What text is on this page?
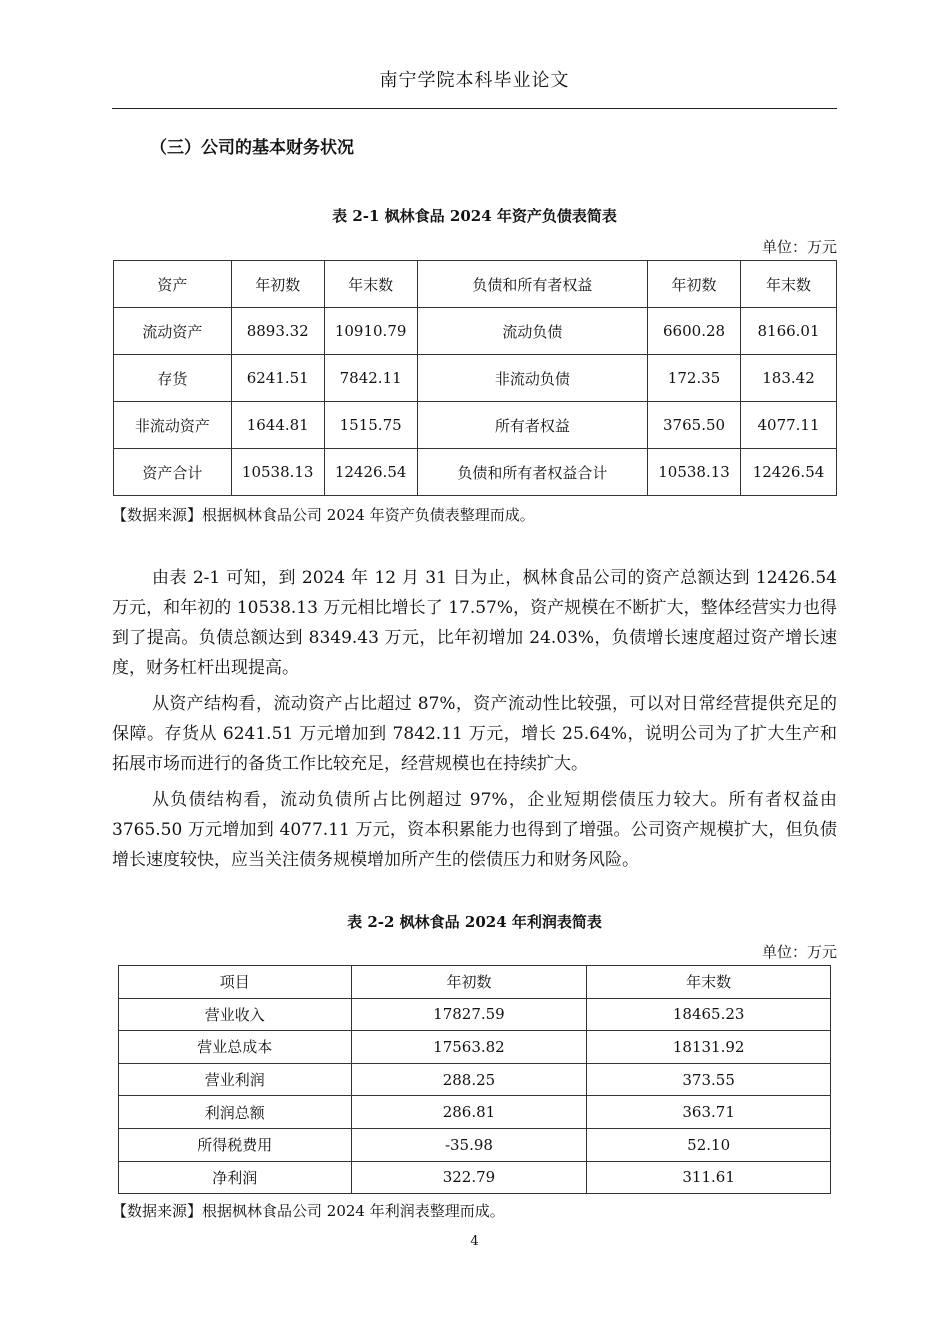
南宁学院本科毕业论文
（三）公司的基本财务状况
表 2-1 枫林食品 2024 年资产负债表简表
单位：万元
资产	年初数	年末数	负债和所有者权益	年初数	年末数
流动资产	8893.32	10910.79	流动负债	6600.28	8166.01
存货	6241.51	7842.11	非流动负债	172.35	183.42
非流动资产	1644.81	1515.75	所有者权益	3765.50	4077.11
资产合计	10538.13	12426.54	负债和所有者权益合计	10538.13	12426.54
【数据来源】根据枫林食品公司 2024 年资产负债表整理而成。

由表 2-1 可知，到 2024 年 12 月 31 日为止，枫林食品公司的资产总额达到 12426.54 万元，和年初的 10538.13 万元相比增长了 17.57%，资产规模在不断扩大，整体经营实力也得到了提高。负债总额达到 8349.43 万元，比年初增加 24.03%，负债增长速度超过资产增长速度，财务杠杆出现提高。

从资产结构看，流动资产占比超过 87%，资产流动性比较强，可以对日常经营提供充足的保障。存货从 6241.51 万元增加到 7842.11 万元，增长 25.64%，说明公司为了扩大生产和拓展市场而进行的备货工作比较充足，经营规模也在持续扩大。

从负债结构看，流动负债所占比例超过 97%，企业短期偿债压力较大。所有者权益由 3765.50 万元增加到 4077.11 万元，资本积累能力也得到了增强。公司资产规模扩大，但负债增长速度较快，应当关注债务规模增加所产生的偿债压力和财务风险。

表 2-2 枫林食品 2024 年利润表简表
单位：万元
项目	年初数	年末数
营业收入	17827.59	18465.23
营业总成本	17563.82	18131.92
营业利润	288.25	373.55
利润总额	286.81	363.71
所得税费用	-35.98	52.10
净利润	322.79	311.61
【数据来源】根据枫林食品公司 2024 年利润表整理而成。
4
